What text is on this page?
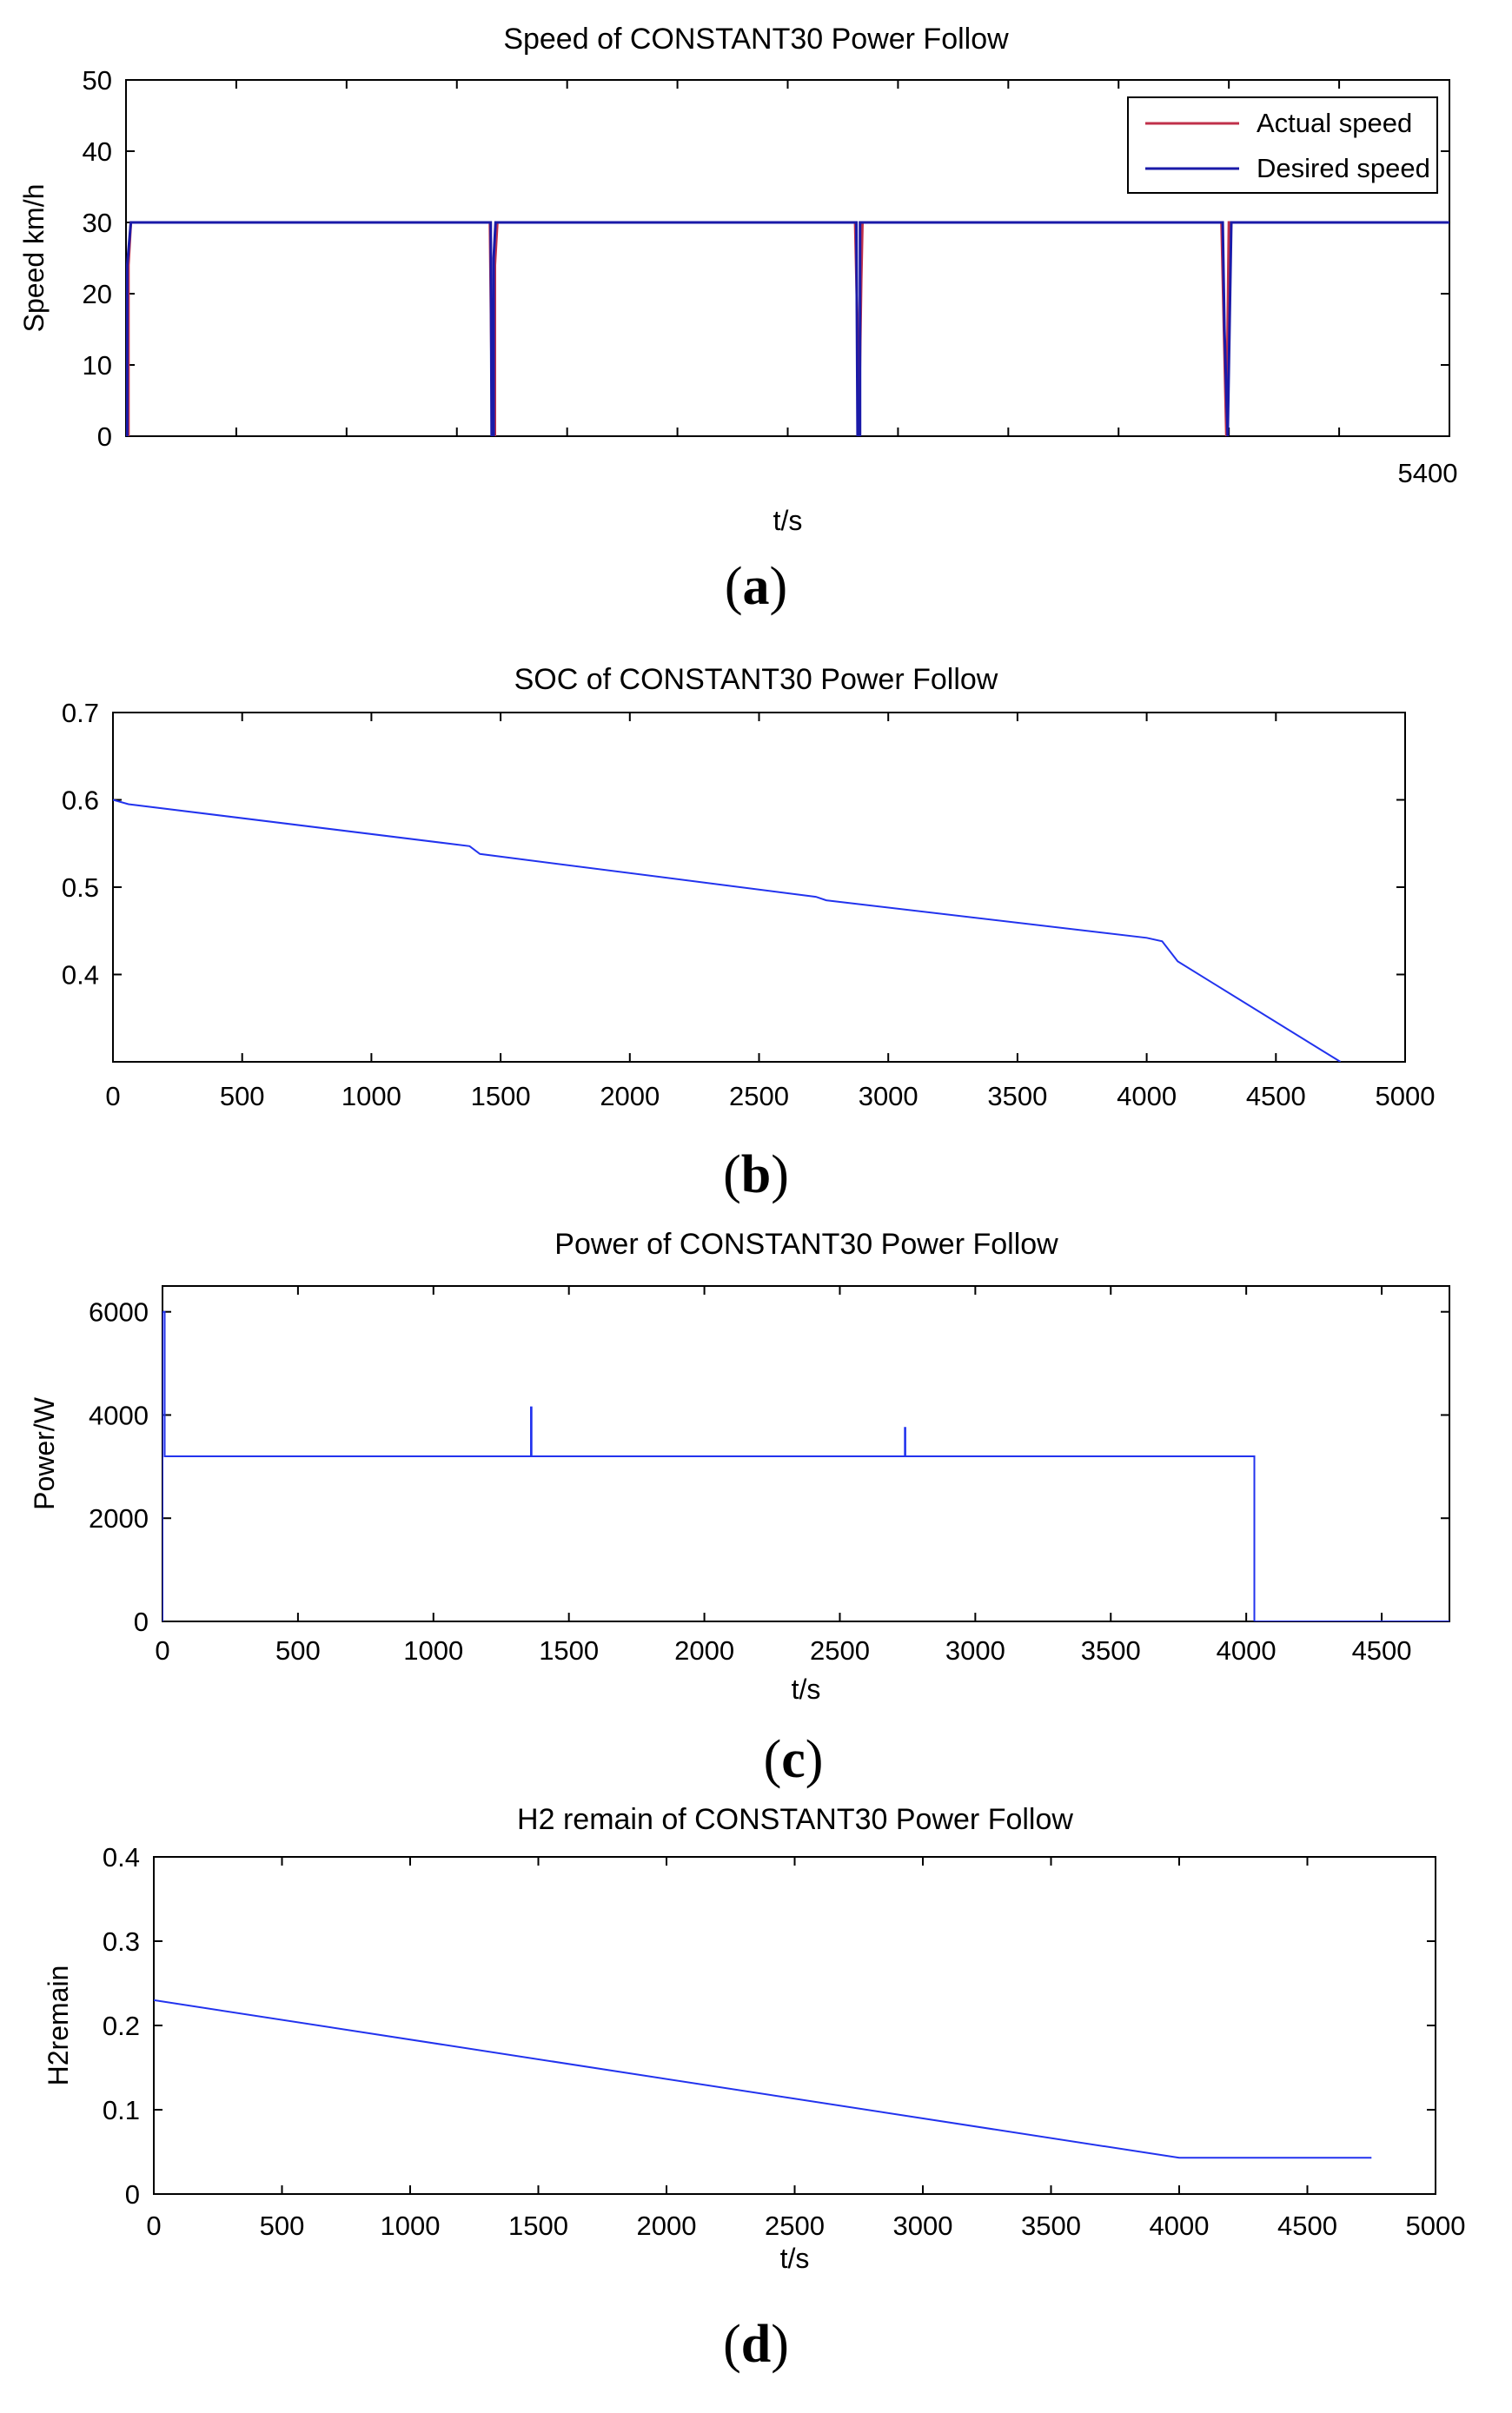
Speed of CONSTANT30 Power Follow
0
10
20
30
40
50
5400
t/s
Speed km/h
Actual speed
Desired speed
(a)
SOC of CONSTANT30 Power Follow
0.4
0.5
0.6
0.7
0	500	1000	1500	2000	2500	3000	3500	4000	4500	5000
(b)
Power of CONSTANT30 Power Follow
0
2000
4000
6000
0	500	1000	1500	2000	2500	3000	3500	4000	4500
t/s
Power/W
(c)
H2 remain of CONSTANT30 Power Follow
0
0.1
0.2
0.3
0.4
0	500	1000	1500	2000	2500	3000	3500	4000	4500	5000
t/s
H2remain
(d)
